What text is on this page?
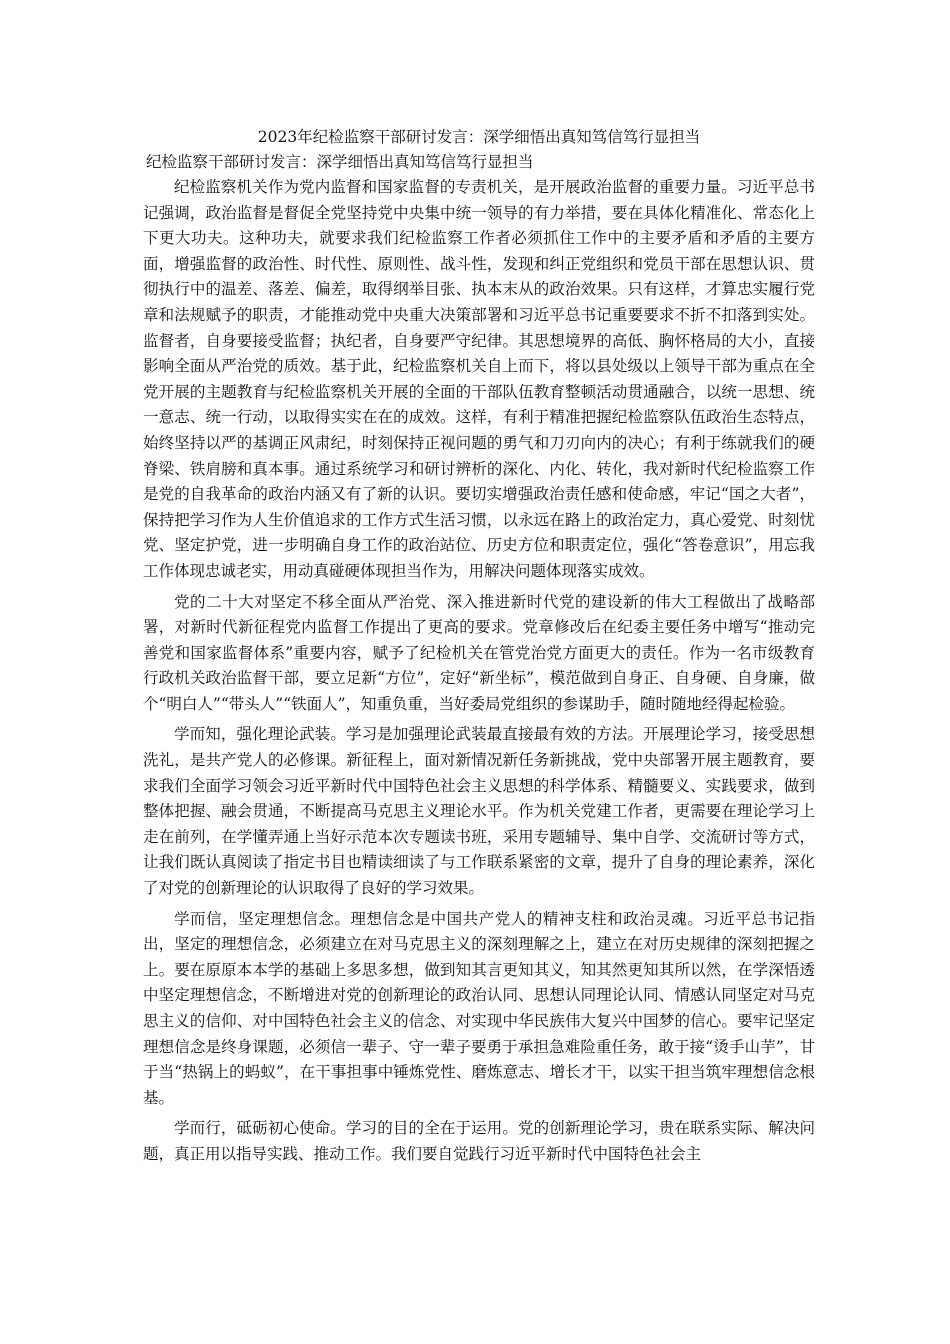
2023年纪检监察干部研讨发言：深学细悟出真知笃信笃行显担当
纪检监察干部研讨发言：深学细悟出真知笃信笃行显担当

纪检监察机关作为党内监督和国家监督的专责机关，是开展政治监督的重要力量。习近平总书记强调，政治监督是督促全党坚持党中央集中统一领导的有力举措，要在具体化精准化、常态化上下更大功夫。这种功夫，就要求我们纪检监察工作者必须抓住工作中的主要矛盾和矛盾的主要方面，增强监督的政治性、时代性、原则性、战斗性，发现和纠正党组织和党员干部在思想认识、贯彻执行中的温差、落差、偏差，取得纲举目张、执本末从的政治效果。只有这样，才算忠实履行党章和法规赋予的职责，才能推动党中央重大决策部署和习近平总书记重要要求不折不扣落到实处。监督者，自身要接受监督；执纪者，自身要严守纪律。其思想境界的高低、胸怀格局的大小，直接影响全面从严治党的质效。基于此，纪检监察机关自上而下，将以县处级以上领导干部为重点在全党开展的主题教育与纪检监察机关开展的全面的干部队伍教育整顿活动贯通融合，以统一思想、统一意志、统一行动，以取得实实在在的成效。这样，有利于精准把握纪检监察队伍政治生态特点，始终坚持以严的基调正风肃纪，时刻保持正视问题的勇气和刀刃向内的决心；有利于练就我们的硬脊梁、铁肩膀和真本事。通过系统学习和研讨辨析的深化、内化、转化，我对新时代纪检监察工作是党的自我革命的政治内涵又有了新的认识。要切实增强政治责任感和使命感，牢记“国之大者”，保持把学习作为人生价值追求的工作方式生活习惯，以永远在路上的政治定力，真心爱党、时刻忧党、坚定护党，进一步明确自身工作的政治站位、历史方位和职责定位，强化“答卷意识”，用忘我工作体现忠诚老实，用动真碰硬体现担当作为，用解决问题体现落实成效。

党的二十大对坚定不移全面从严治党、深入推进新时代党的建设新的伟大工程做出了战略部署，对新时代新征程党内监督工作提出了更高的要求。党章修改后在纪委主要任务中增写“推动完善党和国家监督体系”重要内容，赋予了纪检机关在管党治党方面更大的责任。作为一名市级教育行政机关政治监督干部，要立足新“方位”，定好“新坐标”，模范做到自身正、自身硬、自身廉，做个“明白人”“带头人”“铁面人”，知重负重，当好委局党组织的参谋助手，随时随地经得起检验。

学而知，强化理论武装。学习是加强理论武装最直接最有效的方法。开展理论学习，接受思想洗礼，是共产党人的必修课。新征程上，面对新情况新任务新挑战，党中央部署开展主题教育，要求我们全面学习领会习近平新时代中国特色社会主义思想的科学体系、精髓要义、实践要求，做到整体把握、融会贯通，不断提高马克思主义理论水平。作为机关党建工作者，更需要在理论学习上走在前列，在学懂弄通上当好示范本次专题读书班，采用专题辅导、集中自学、交流研讨等方式，让我们既认真阅读了指定书目也精读细读了与工作联系紧密的文章，提升了自身的理论素养，深化了对党的创新理论的认识取得了良好的学习效果。

学而信，坚定理想信念。理想信念是中国共产党人的精神支柱和政治灵魂。习近平总书记指出，坚定的理想信念，必须建立在对马克思主义的深刻理解之上，建立在对历史规律的深刻把握之上。要在原原本本学的基础上多思多想，做到知其言更知其义，知其然更知其所以然，在学深悟透中坚定理想信念，不断增进对党的创新理论的政治认同、思想认同理论认同、情感认同坚定对马克思主义的信仰、对中国特色社会主义的信念、对实现中华民族伟大复兴中国梦的信心。要牢记坚定理想信念是终身课题，必须信一辈子、守一辈子要勇于承担急难险重任务，敢于接“烫手山芋”，甘于当“热锅上的蚂蚁”，在干事担事中锤炼党性、磨炼意志、增长才干，以实干担当筑牢理想信念根基。

学而行，砥砺初心使命。学习的目的全在于运用。党的创新理论学习，贵在联系实际、解决问题，真正用以指导实践、推动工作。我们要自觉践行习近平新时代中国特色社会主
